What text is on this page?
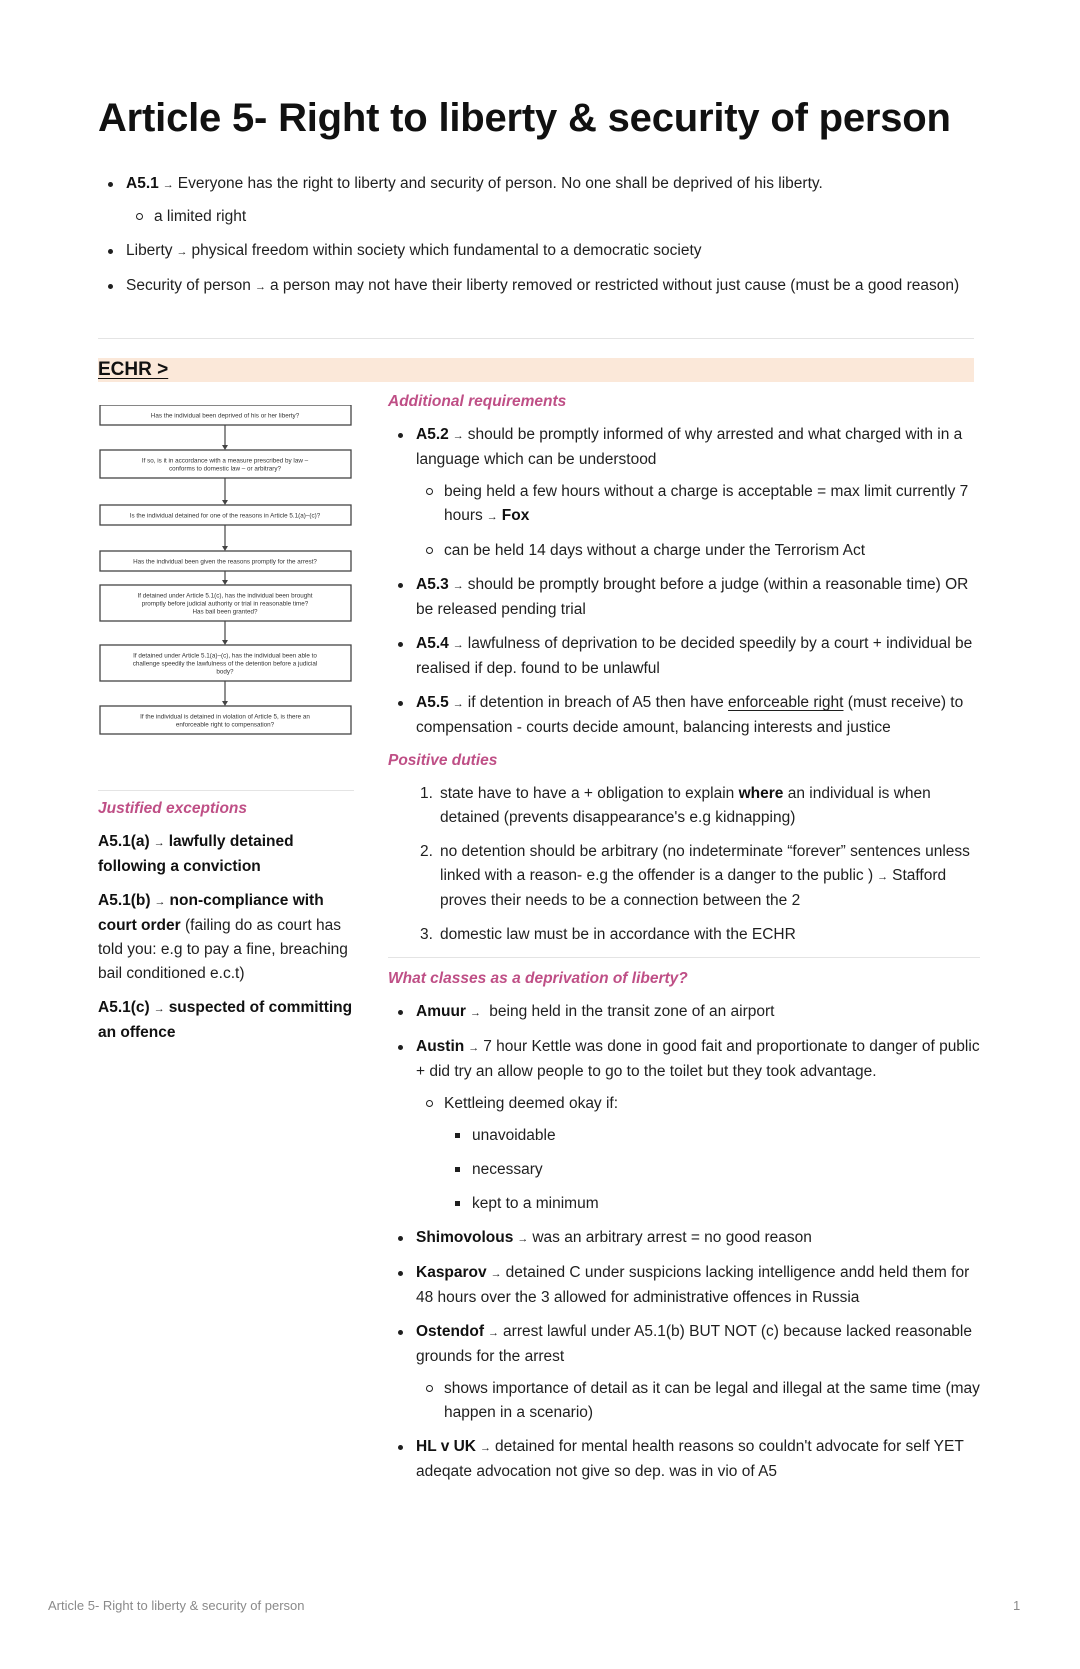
Article 5- Right to liberty & security of person
A5.1 → Everyone has the right to liberty and security of person. No one shall be deprived of his liberty.
a limited right
Liberty → physical freedom within society which fundamental to a democratic society
Security of person → a person may not have their liberty removed or restricted without just cause (must be a good reason)
ECHR >
Has the individual been deprived of his or her liberty?
If so, is it in accordance with a measure prescribed by law –
conforms to domestic law – or arbitrary?
Is the individual detained for one of the reasons in Article 5.1(a)–(c)?
Has the individual been given the reasons promptly for the arrest?
If detained under Article 5.1(c), has the individual been brought
promptly before judicial authority or trial in reasonable time?
Has bail been granted?
If detained under Article 5.1(a)–(c), has the individual been able to
challenge speedily the lawfulness of the detention before a judicial
body?
If the individual is detained in violation of Article 5, is there an
enforceable right to compensation?
Justified exceptions

A5.1(a) → lawfully detained following a conviction

A5.1(b) → non-compliance with court order (failing do as court has told you: e.g to pay a fine, breaching bail conditioned e.c.t)

A5.1(c) → suspected of committing an offence

Additional requirements
A5.2 → should be promptly informed of why arrested and what charged with in a language which can be understood
being held a few hours without a charge is acceptable = max limit currently 7 hours → Fox
can be held 14 days without a charge under the Terrorism Act
A5.3 → should be promptly brought before a judge (within a reasonable time) OR be released pending trial
A5.4 → lawfulness of deprivation to be decided speedily by a court + individual be realised if dep. found to be unlawful
A5.5 → if detention in breach of A5 then have enforceable right (must receive) to compensation - courts decide amount, balancing interests and justice
Positive duties
1. state have to have a + obligation to explain where an individual is when detained (prevents disappearance's e.g kidnapping)
2. no detention should be arbitrary (no indeterminate “forever” sentences unless linked with a reason- e.g the offender is a danger to the public ) → Stafford proves their needs to be a connection between the 2
3. domestic law must be in accordance with the ECHR
What classes as a deprivation of liberty?
Amuur → being held in the transit zone of an airport
Austin → 7 hour Kettle was done in good fait and proportionate to danger of public + did try an allow people to go to the toilet but they took advantage.
Kettleing deemed okay if:
unavoidable
necessary
kept to a minimum
Shimovolous → was an arbitrary arrest = no good reason
Kasparov → detained C under suspicions lacking intelligence andd held them for 48 hours over the 3 allowed for administrative offences in Russia
Ostendof → arrest lawful under A5.1(b) BUT NOT (c) because lacked reasonable grounds for the arrest
shows importance of detail as it can be legal and illegal at the same time (may happen in a scenario)
HL v UK → detained for mental health reasons so couldn't advocate for self YET adeqate advocation not give so dep. was in vio of A5
Article 5- Right to liberty & security of person	1
